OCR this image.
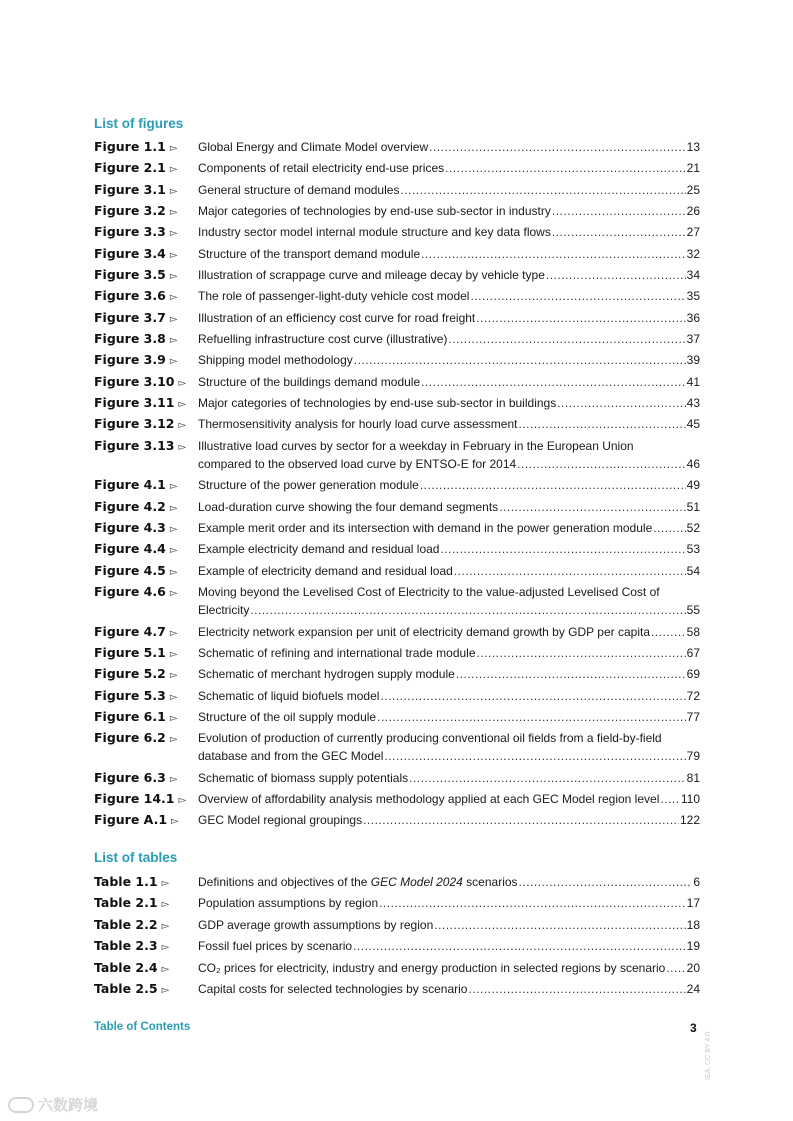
List of figures
Figure 1.1 ▻ Global Energy and Climate Model overview .....	13
Figure 2.1 ▻ Components of retail electricity end-use prices .....	21
Figure 3.1 ▻ General structure of demand modules .....	25
Figure 3.2 ▻ Major categories of technologies by end-use sub-sector in industry .....	26
Figure 3.3 ▻ Industry sector model internal module structure and key data flows .....	27
Figure 3.4 ▻ Structure of the transport demand module .....	32
Figure 3.5 ▻ Illustration of scrappage curve and mileage decay by vehicle type .....	34
Figure 3.6 ▻ The role of passenger-light-duty vehicle cost model .....	35
Figure 3.7 ▻ Illustration of an efficiency cost curve for road freight .....	36
Figure 3.8 ▻ Refuelling infrastructure cost curve (illustrative) .....	37
Figure 3.9 ▻ Shipping model methodology .....	39
Figure 3.10 ▻ Structure of the buildings demand module .....	41
Figure 3.11 ▻ Major categories of technologies by end-use sub-sector in buildings .....	43
Figure 3.12 ▻ Thermosensitivity analysis for hourly load curve assessment .....	45
Figure 3.13 ▻ Illustrative load curves by sector for a weekday in February in the European Union
compared to the observed load curve by ENTSO-E for 2014 .....	46
Figure 4.1 ▻ Structure of the power generation module .....	49
Figure 4.2 ▻ Load-duration curve showing the four demand segments .....	51
Figure 4.3 ▻ Example merit order and its intersection with demand in the power generation module .....	52
Figure 4.4 ▻ Example electricity demand and residual load .....	53
Figure 4.5 ▻ Example of electricity demand and residual load .....	54
Figure 4.6 ▻ Moving beyond the Levelised Cost of Electricity to the value-adjusted Levelised Cost of
Electricity .....	55
Figure 4.7 ▻ Electricity network expansion per unit of electricity demand growth by GDP per capita .....	58
Figure 5.1 ▻ Schematic of refining and international trade module .....	67
Figure 5.2 ▻ Schematic of merchant hydrogen supply module .....	69
Figure 5.3 ▻ Schematic of liquid biofuels model .....	72
Figure 6.1 ▻ Structure of the oil supply module .....	77
Figure 6.2 ▻ Evolution of production of currently producing conventional oil fields from a field-by-field
database and from the GEC Model .....	79
Figure 6.3 ▻ Schematic of biomass supply potentials .....	81
Figure 14.1 ▻ Overview of affordability analysis methodology applied at each GEC Model region level ..... 110
Figure A.1 ▻ GEC Model regional groupings .....	122
List of tables
Table 1.1 ▻ Definitions and objectives of the GEC Model 2024 scenarios .....	6
Table 2.1 ▻ Population assumptions by region .....	17
Table 2.2 ▻ GDP average growth assumptions by region .....	18
Table 2.3 ▻ Fossil fuel prices by scenario .....	19
Table 2.4 ▻ CO₂ prices for electricity, industry and energy production in selected regions by scenario ..... 20
Table 2.5 ▻ Capital costs for selected technologies by scenario .....	24
Table of Contents	3
IEA. CC BY 4.0.
六数跨境
